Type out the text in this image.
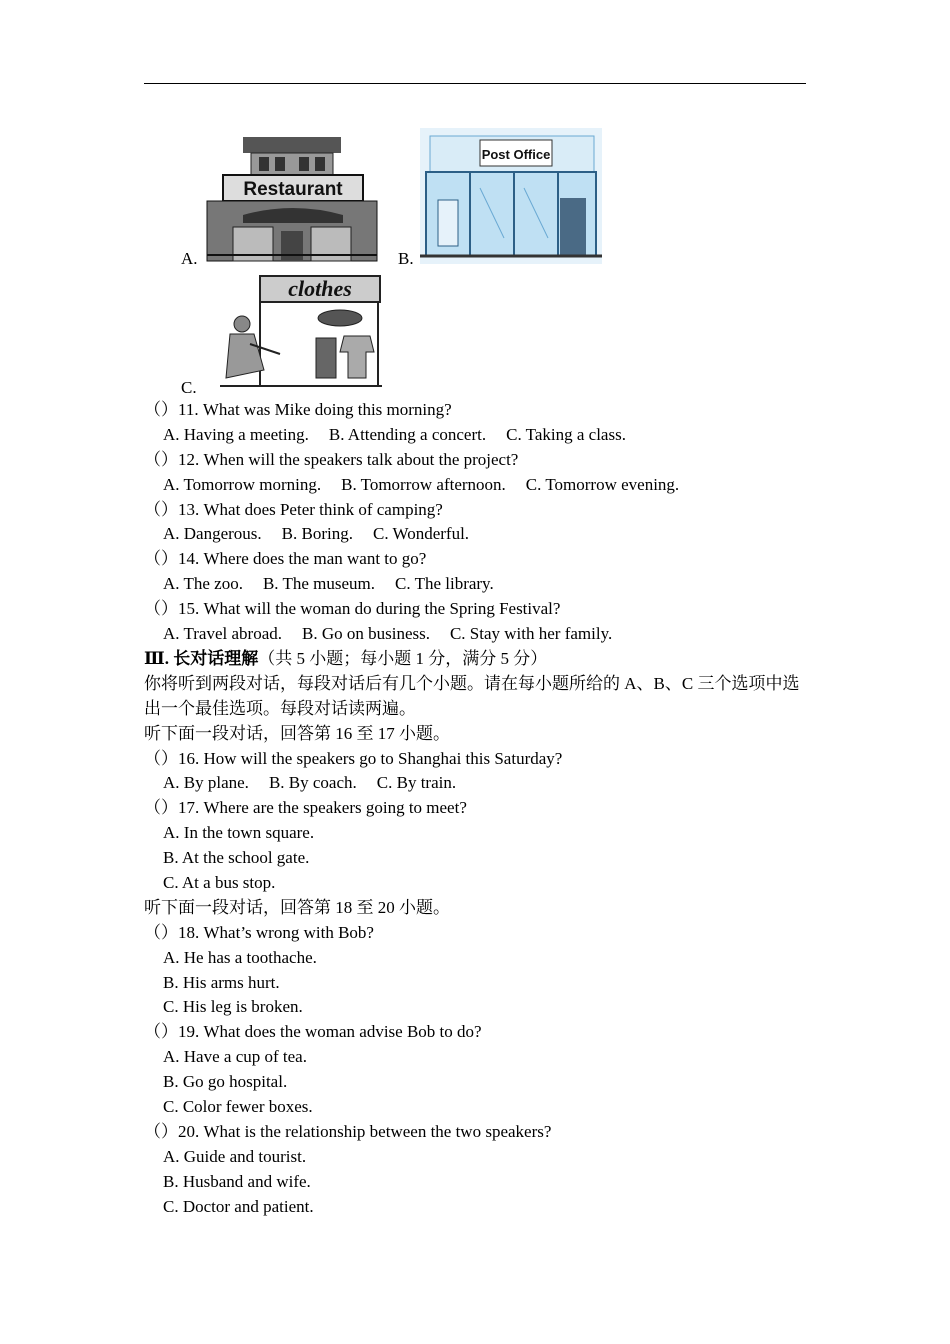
A.
Restaurant
B.
Post Office
C.
clothes
（）11. What was Mike doing this morning?
A. Having a meeting. B. Attending a concert. C. Taking a class.
（）12. When will the speakers talk about the project?
A. Tomorrow morning. B. Tomorrow afternoon. C. Tomorrow evening.
（）13. What does Peter think of camping?
A. Dangerous. B. Boring. C. Wonderful.
（）14. Where does the man want to go?
A. The zoo. B. The museum. C. The library.
（）15. What will the woman do during the Spring Festival?
A. Travel abroad. B. Go on business. C. Stay with her family.
Ⅲ. 长对话理解（共 5 小题；每小题 1 分，满分 5 分）
你将听到两段对话，每段对话后有几个小题。请在每小题所给的 A、B、C 三个选项中选出一个最佳选项。每段对话读两遍。
听下面一段对话，回答第 16 至 17 小题。
（）16. How will the speakers go to Shanghai this Saturday?
A. By plane. B. By coach. C. By train.
（）17. Where are the speakers going to meet?
A. In the town square.
B. At the school gate.
C. At a bus stop.
听下面一段对话，回答第 18 至 20 小题。
（）18. What’s wrong with Bob?
A. He has a toothache.
B. His arms hurt.
C. His leg is broken.
（）19. What does the woman advise Bob to do?
A. Have a cup of tea.
B. Go go hospital.
C. Color fewer boxes.
（）20. What is the relationship between the two speakers?
A. Guide and tourist.
B. Husband and wife.
C. Doctor and patient.
